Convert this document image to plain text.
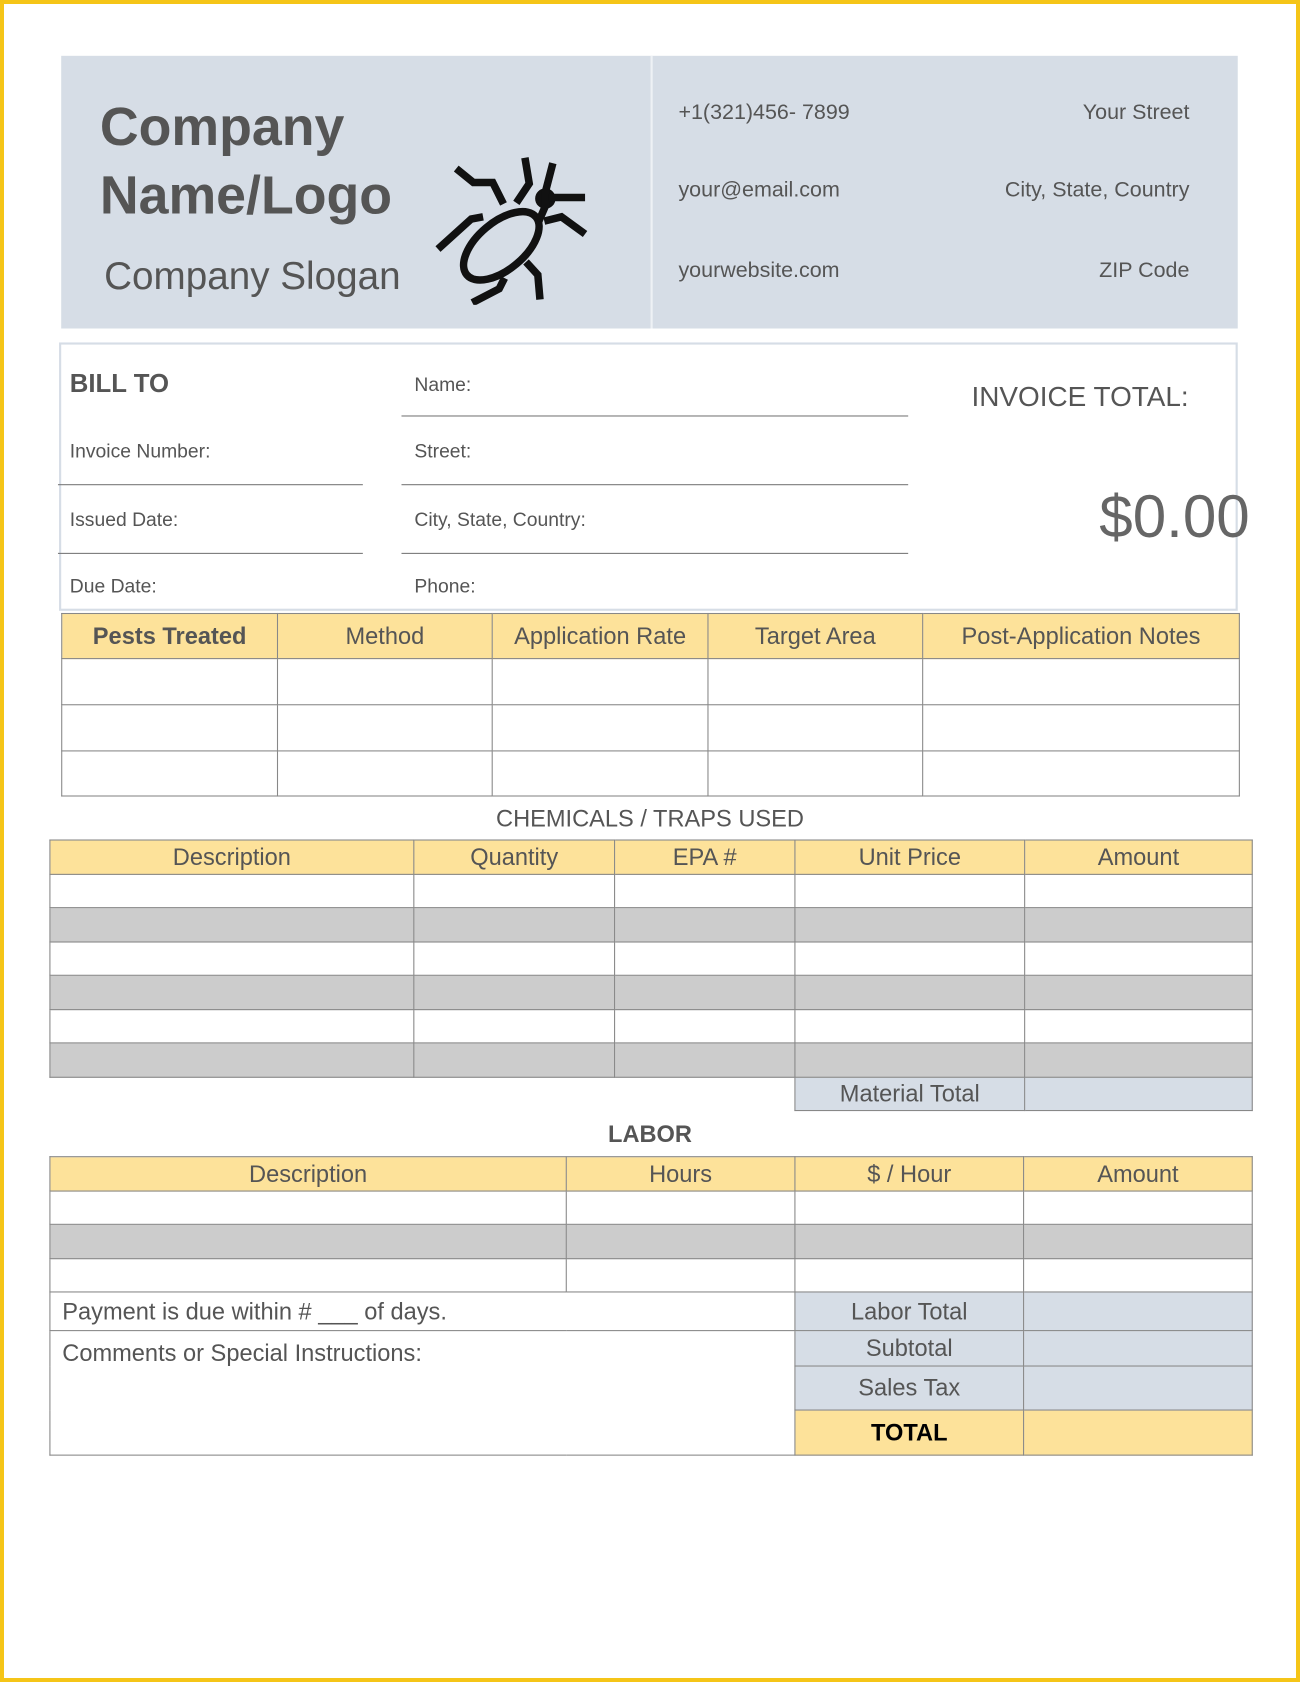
Company
Name/Logo
Company Slogan
+1(321)456- 7899
your@email.com
yourwebsite.com
Your Street
City, State, Country
ZIP Code
BILL TO
Invoice Number:
Issued Date:
Due Date:
Name:
Street:
City, State, Country:
Phone:
INVOICE TOTAL:
$0.00
Pests Treated	Method	Application Rate	Target Area	Post-Application Notes

CHEMICALS / TRAPS USED
Description	Quantity	EPA #	Unit Price	Amount

			Material Total	
LABOR
Description	Hours	$ / Hour	Amount

Payment is due within # ___ of days.		Labor Total	
Comments or Special Instructions:		Subtotal	
		Sales Tax	
		TOTAL	
